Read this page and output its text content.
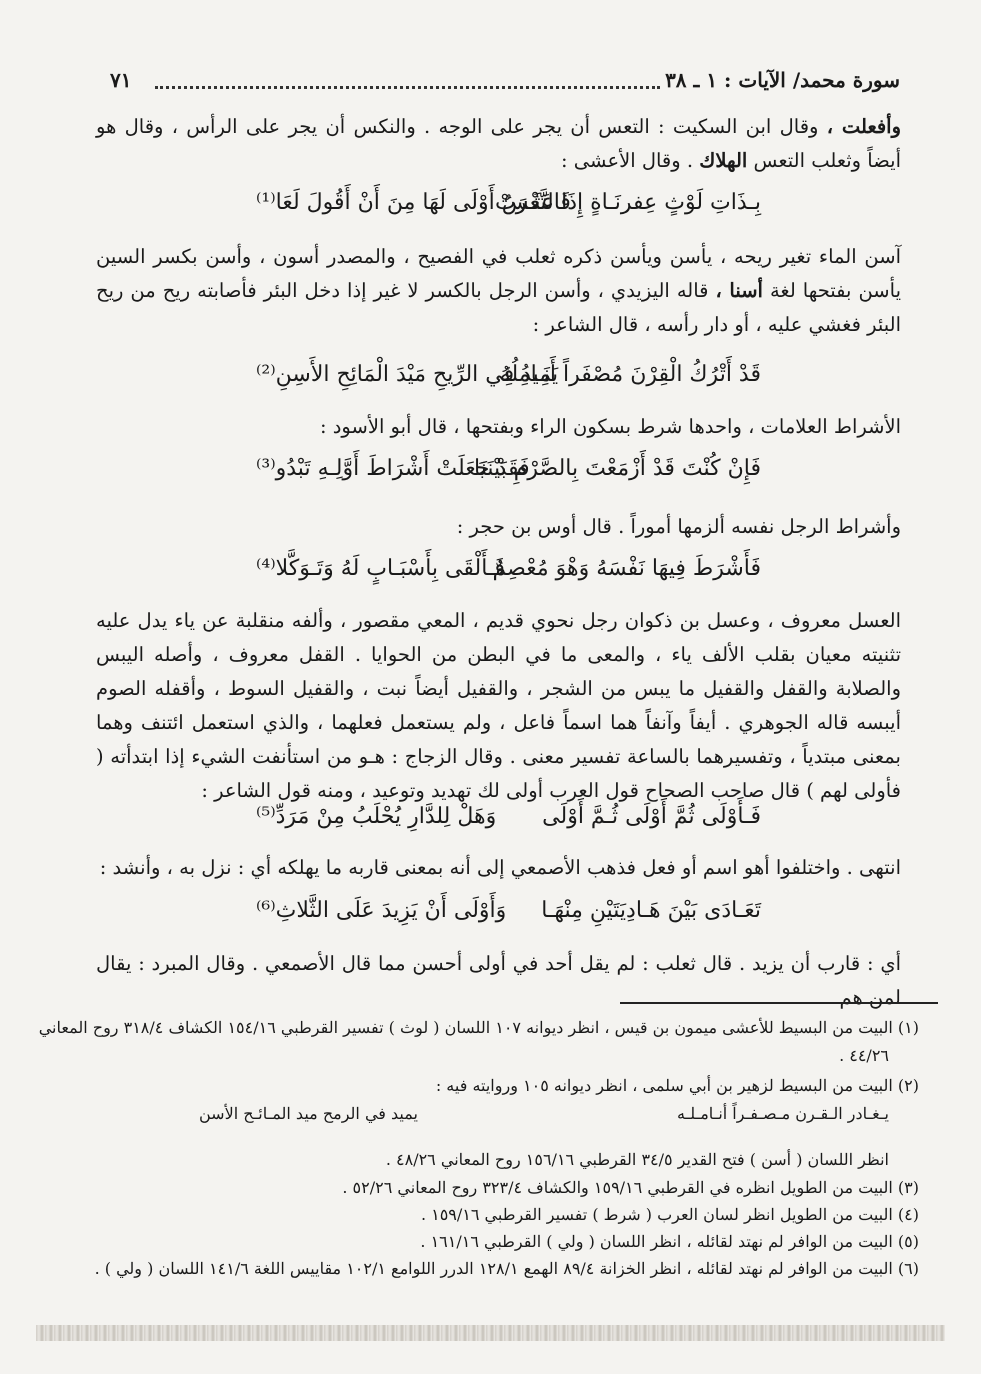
سورة محمد/ الآيات : ١ ـ ٣٨
٧١
وأفعلت ، وقال ابن السكيت : التعس أن يجر على الوجه . والنكس أن يجر على الرأس ، وقال هو أيضاً وثعلب التعس الهلاك . وقال الأعشى :
بِـذَاتِ لَوْثٍ عِفرنَـاةٍ إِذَا عَثَـرَتْ
فَالتَّعْسُ أَوْلَى لَهَا مِنَ أَنْ أَقُولَ لَعَا⁽¹⁾
آسن الماء تغير ريحه ، يأسن ويأسن ذكره ثعلب في الفصيح ، والمصدر أسون ، وأسن بكسر السين يأسن بفتحها لغة أسنا ، قاله اليزيدي ، وأسن الرجل بالكسر لا غير إذا دخل البئر فأصابته ريح من ريح البئر فغشي عليه ، أو دار رأسه ، قال الشاعر :
قَدْ أَتْرُكُ الْقِرْنَ مُصْفَراً أَنَـامِلُهُ
يَمِيدُ فِي الرِّيحِ مَيْدَ الْمَائِحِ الأَسِنِ⁽²⁾
الأشراط العلامات ، واحدها شرط بسكون الراء وبفتحها ، قال أبو الأسود :
فَإِنْ كُنْتَ قَدْ أَزْمَعْتَ بِالصَّرْمِ بَيْنَنَا
فَقَدْ جَعَلَتْ أَشْرَاطَ أَوَّلِـهِ تَبْدُو⁽³⁾
وأشراط الرجل نفسه ألزمها أموراً . قال أوس بن حجر :
فَأَشْرَطَ فِيهَا نَفْسَهُ وَهْوَ مُعْصِمٌ
فَـأَلْقَى بِأَسْبَـابٍ لَهُ وَتَـوَكَّلا⁽⁴⁾
العسل معروف ، وعسل بن ذكوان رجل نحوي قديم ، المعي مقصور ، وألفه منقلبة عن ياء يدل عليه تثنيته معيان بقلب الألف ياء ، والمعى ما في البطن من الحوايا . القفل معروف ، وأصله اليبس والصلابة والقفل والقفيل ما يبس من الشجر ، والقفيل أيضاً نبت ، والقفيل السوط ، وأقفله الصوم أيبسه قاله الجوهري . أيفاً وآنفاً هما اسماً فاعل ، ولم يستعمل فعلهما ، والذي استعمل ائتنف وهما بمعنى مبتدياً ، وتفسيرهما بالساعة تفسير معنى . وقال الزجاج : هـو من استأنفت الشيء إذا ابتدأته ( فأولى لهم ) قال صاحب الصحاح قول العرب أولى لك تهديد وتوعيد ، ومنه قول الشاعر :
فَـأَوْلَى ثُمَّ أَوْلَى ثُـمَّ أَوْلَى
وَهَلْ لِلدَّارِ يُحْلَبُ مِنْ مَرَدِّ⁽⁵⁾
انتهى . واختلفوا أهو اسم أو فعل فذهب الأصمعي إلى أنه بمعنى قاربه ما يهلكه أي : نزل به ، وأنشد :
تَعَـادَى بَيْنَ هَـادِيَتَيْنِ مِنْهَـا
وَأَوْلَى أَنْ يَزِيدَ عَلَى الثَّلاثِ⁽⁶⁾
أي : قارب أن يزيد . قال ثعلب : لم يقل أحد في أولى أحسن مما قال الأصمعي . وقال المبرد : يقال لمن هم
(١) البيت من البسيط للأعشى ميمون بن قيس ، انظر ديوانه ١٠٧ اللسان ( لوث ) تفسير القرطبي ١٥٤/١٦ الكشاف ٣١٨/٤ روح المعاني
٤٤/٢٦ .
(٢) البيت من البسيط لزهير بن أبي سلمى ، انظر ديوانه ١٠٥ وروايته فيه :
يـغـادر الـقـرن مـصـفـراً أنـامـلـه
يميد في الرمح ميد المـائـح الأسن
انظر اللسان ( أسن ) فتح القدير ٣٤/٥ القرطبي ١٥٦/١٦ روح المعاني ٤٨/٢٦ .
(٣) البيت من الطويل انظره في القرطبي ١٥٩/١٦ والكشاف ٣٢٣/٤ روح المعاني ٥٢/٢٦ .
(٤) البيت من الطويل انظر لسان العرب ( شرط ) تفسير القرطبي ١٥٩/١٦ .
(٥) البيت من الوافر لم نهتد لقائله ، انظر اللسان ( ولي ) القرطبي ١٦١/١٦ .
(٦) البيت من الوافر لم نهتد لقائله ، انظر الخزانة ٨٩/٤ الهمع ١٢٨/١ الدرر اللوامع ١٠٢/١ مقاييس اللغة ١٤١/٦ اللسان ( ولي ) .
